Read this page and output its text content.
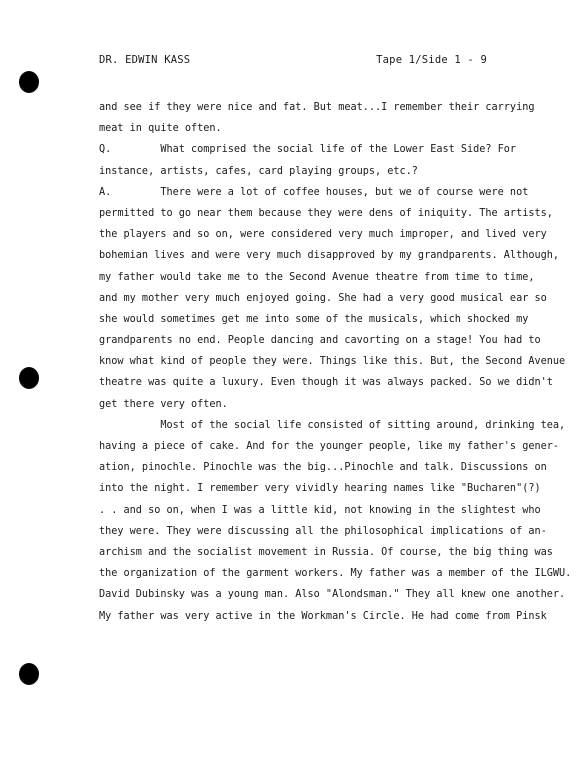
DR. EDWIN KASS	Tape 1/Side 1 - 9
and see if they were nice and fat. But meat...I remember their carrying
meat in quite often.
Q.        What comprised the social life of the Lower East Side? For
instance, artists, cafes, card playing groups, etc.?
A.        There were a lot of coffee houses, but we of course were not
permitted to go near them because they were dens of iniquity. The artists,
the players and so on, were considered very much improper, and lived very
bohemian lives and were very much disapproved by my grandparents. Although,
my father would take me to the Second Avenue theatre from time to time,
and my mother very much enjoyed going. She had a very good musical ear so
she would sometimes get me into some of the musicals, which shocked my
grandparents no end. People dancing and cavorting on a stage! You had to
know what kind of people they were. Things like this. But, the Second Avenue
theatre was quite a luxury. Even though it was always packed. So we didn't
get there very often.
Most of the social life consisted of sitting around, drinking tea,
having a piece of cake. And for the younger people, like my father's gener-
ation, pinochle. Pinochle was the big...Pinochle and talk. Discussions on
into the night. I remember very vividly hearing names like "Bucharen"(?)
. . and so on, when I was a little kid, not knowing in the slightest who
they were. They were discussing all the philosophical implications of an-
archism and the socialist movement in Russia. Of course, the big thing was
the organization of the garment workers. My father was a member of the ILGWU.
David Dubinsky was a young man. Also "Alondsman." They all knew one another.
My father was very active in the Workman's Circle. He had come from Pinsk
